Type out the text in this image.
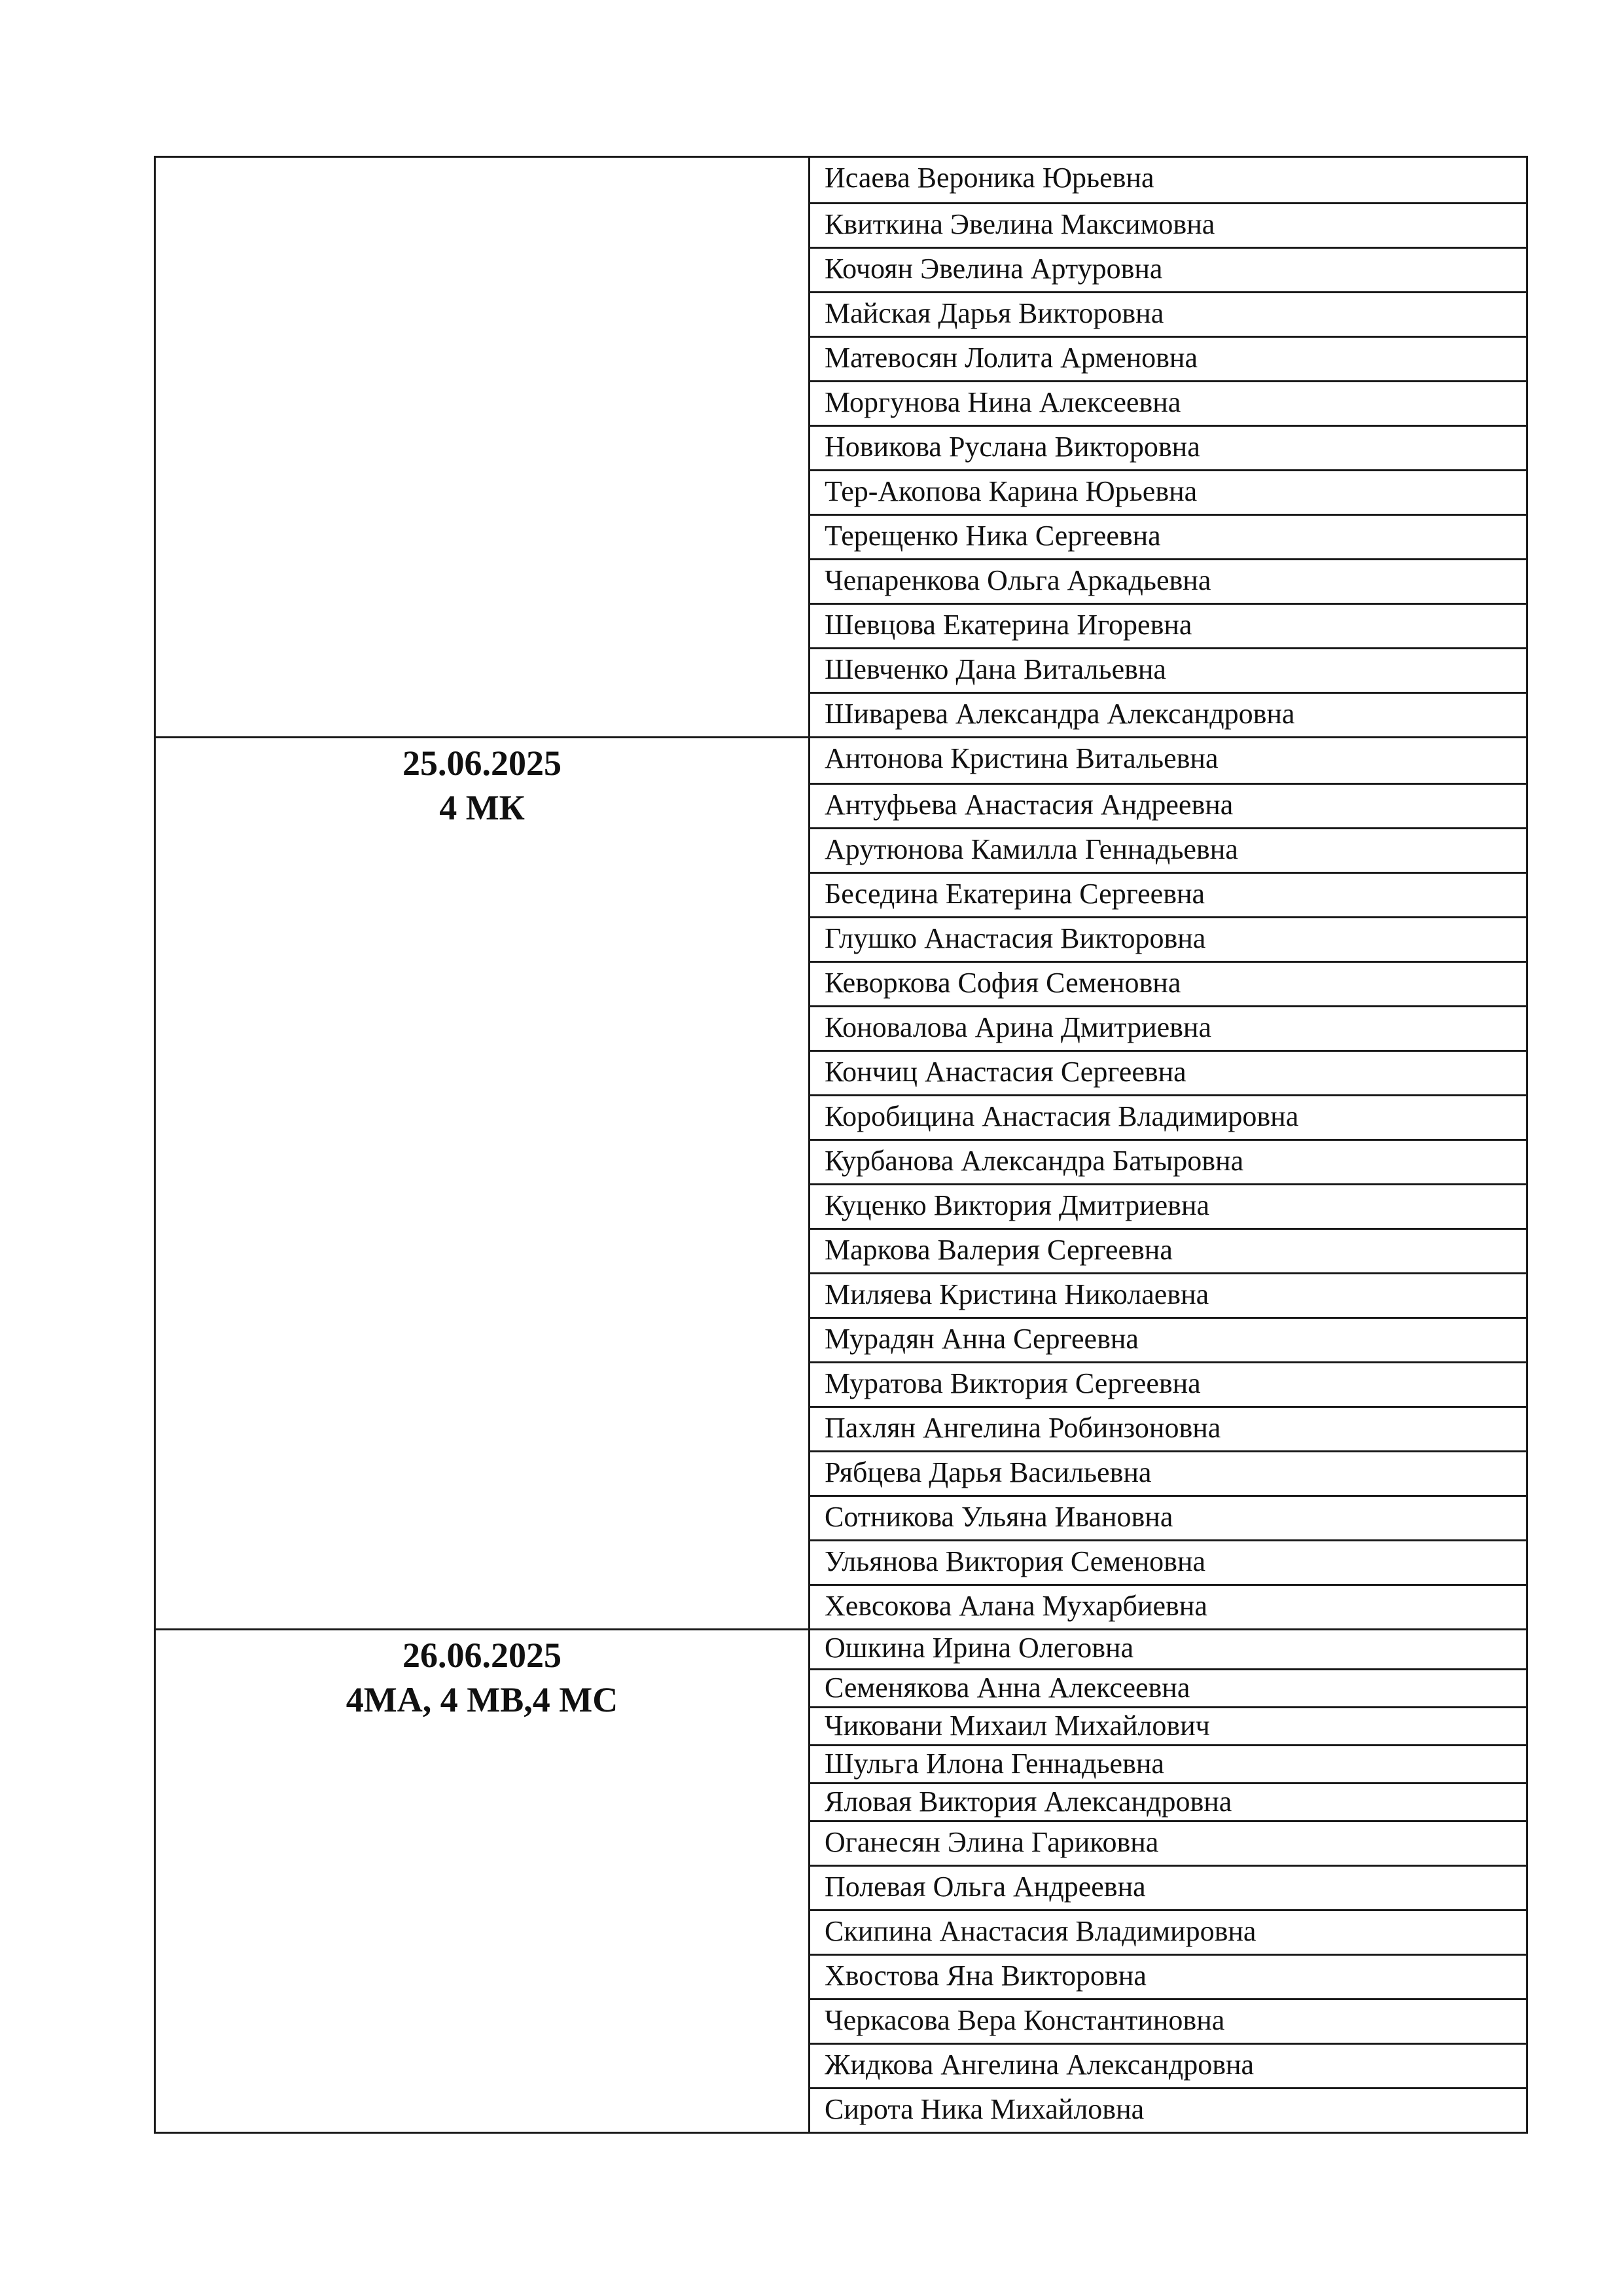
Исаева Вероника Юрьевна
Квиткина Эвелина Максимовна
Кочоян Эвелина Артуровна
Майская Дарья Викторовна
Матевосян Лолита Арменовна
Моргунова Нина Алексеевна
Новикова Руслана Викторовна
Тер-Акопова Карина Юрьевна
Терещенко Ника Сергеевна
Чепаренкова Ольга Аркадьевна
Шевцова Екатерина Игоревна
Шевченко Дана Витальевна
Шиварева Александра Александровна
25.06.2025
4 МК
Антонова Кристина Витальевна
Антуфьева Анастасия Андреевна
Арутюнова Камилла Геннадьевна
Беседина Екатерина Сергеевна
Глушко Анастасия Викторовна
Кеворкова София Семеновна
Коновалова Арина Дмитриевна
Кончиц Анастасия Сергеевна
Коробицина Анастасия Владимировна
Курбанова Александра Батыровна
Куценко Виктория Дмитриевна
Маркова Валерия Сергеевна
Миляева Кристина Николаевна
Мурадян Анна Сергеевна
Муратова Виктория Сергеевна
Пахлян Ангелина Робинзоновна
Рябцева Дарья Васильевна
Сотникова Ульяна Ивановна
Ульянова Виктория Семеновна
Хевсокова Алана Мухарбиевна
26.06.2025
4МА, 4 МВ,4 МС
Ошкина Ирина Олеговна
Семенякова Анна Алексеевна
Чиковани Михаил Михайлович
Шульга Илона Геннадьевна
Яловая Виктория Александровна
Оганесян Элина Гариковна
Полевая Ольга Андреевна
Скипина Анастасия Владимировна
Хвостова Яна Викторовна
Черкасова Вера Константиновна
Жидкова Ангелина Александровна
Сирота Ника Михайловна
